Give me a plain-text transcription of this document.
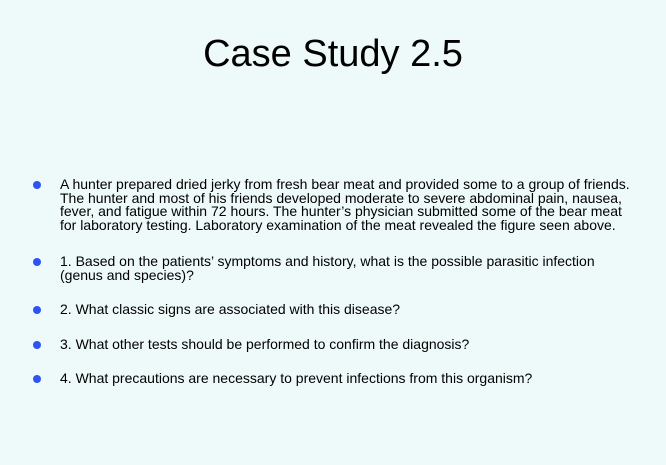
Case Study 2.5
A hunter prepared dried jerky from fresh bear meat and provided some to a group of friends. The hunter and most of his friends developed moderate to severe abdominal pain, nausea, fever, and fatigue within 72 hours. The hunter’s physician submitted some of the bear meat for laboratory testing. Laboratory examination of the meat revealed the figure seen above.
1. Based on the patients’ symptoms and history, what is the possible parasitic infection (genus and species)?
2. What classic signs are associated with this disease?
3. What other tests should be performed to confirm the diagnosis?
4. What precautions are necessary to prevent infections from this organism?
